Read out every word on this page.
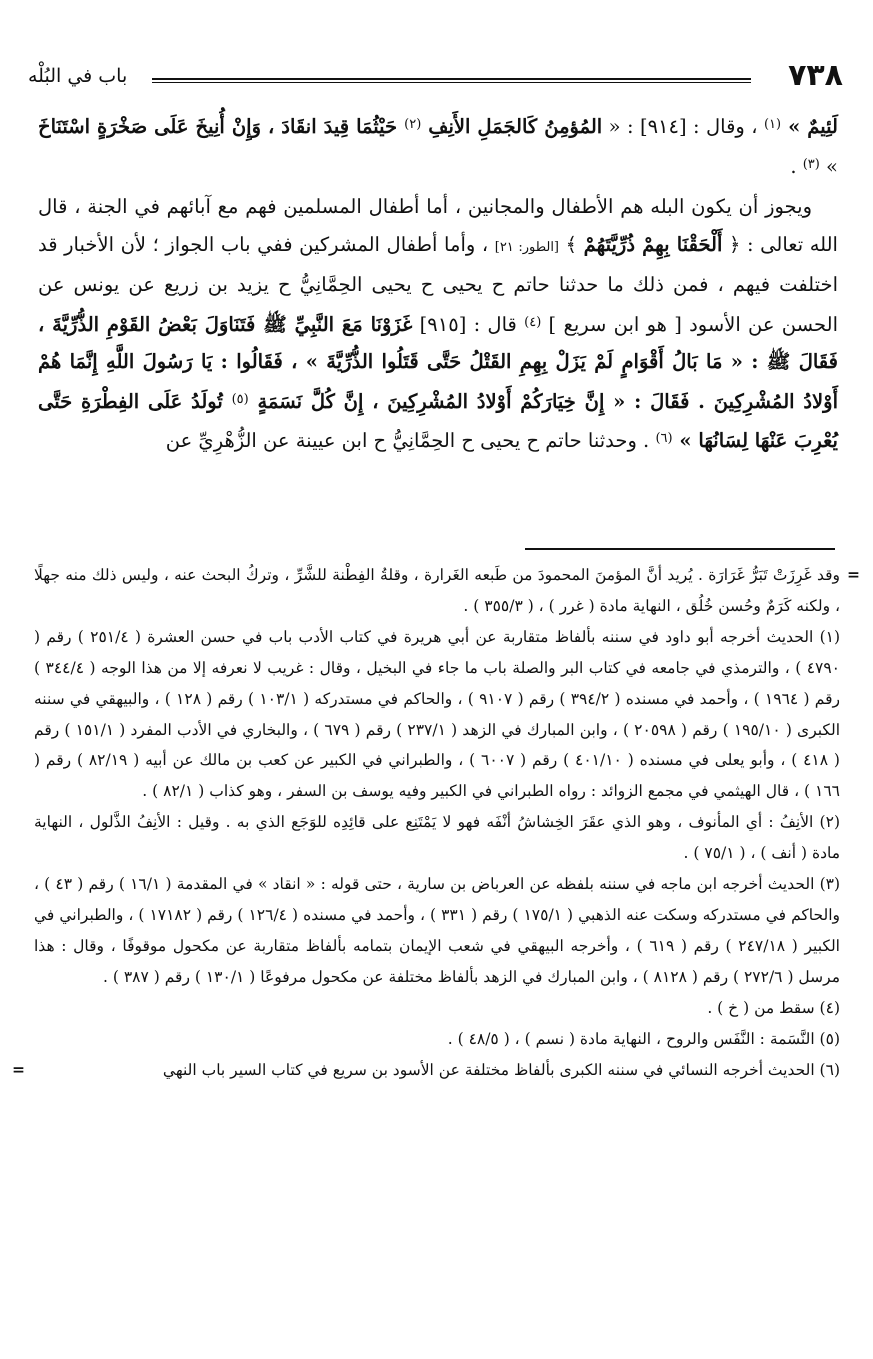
٧٣٨
باب في البُلْه

لَئِيمٌ » $^{(١)}$ ، وقال : [٩١٤] : « المُؤمِنُ كَالجَمَلِ الأَنِفِ $^{(٢)}$ حَيْثُمَا قِيدَ انقَادَ ، وَإِنْ أُنِيخَ عَلَى صَخْرَةٍ اسْتَنَاخَ » $^{(٣)}$ .

ويجوز أن يكون البله هم الأطفال والمجانين ، أما أطفال المسلمين فهم مع آبائهم في الجنة ، قال الله تعالى : ﴿ أَلْحَقْنَا بِهِمْ ذُرِّيَّتَهُمْ ﴾ [الطور: ٢١] ، وأما أطفال المشركين ففي باب الجواز ؛ لأن الأخبار قد اختلفت فيهم ، فمن ذلك ما حدثنا حاتم ح يحيى ح يحيى الحِمَّانِيُّ ح يزيد بن زريع عن يونس عن الحسن عن الأسود [ هو ابن سريع ] $^{(٤)}$ قال : [٩١٥] غَزَوْنَا مَعَ النَّبِيِّ ﷺ فَتَنَاوَلَ بَعْضُ القَوْمِ الذُّرِّيَّةَ ، فَقَالَ ﷺ : « مَا بَالُ أَقْوَامٍ لَمْ يَزَلْ بِهِمِ القَتْلُ حَتَّى قَتَلُوا الذُّرِّيَّةَ » ، فَقَالُوا : يَا رَسُولَ اللَّهِ إِنَّمَا هُمْ أَوْلادُ المُشْرِكِينَ . فَقَالَ : « إِنَّ خِيَارَكُمْ أَوْلادُ المُشْرِكِينَ ، إِنَّ كُلَّ نَسَمَةٍ $^{(٥)}$ تُولَدُ عَلَى الفِطْرَةِ حَتَّى يُعْرِبَ عَنْهَا لِسَانُهَا » $^{(٦)}$ . وحدثنا حاتم ح يحيى ح الحِمَّانِيُّ ح ابن عيينة عن الزُّهْرِيِّ عن

= وقد غَرِزَتْ تَبَرُّ غَرَارَة . يُريد أنَّ المؤمنَ المحمودَ من طَبعه الغَرارة ، وقلةُ الفِطْنة للشَّرِّ ، وتركُ البحث عنه ، وليس ذلك منه جهلًا ، ولكنه كَرَمٌ وحُسن خُلُق ، النهاية مادة ( غرر ) ، ( ٣٥٥/٣ ) .

(١) الحديث أخرجه أبو داود في سننه بألفاظ متقاربة عن أبي هريرة في كتاب الأدب باب في حسن العشرة ( ٢٥١/٤ ) رقم ( ٤٧٩٠ ) ، والترمذي في جامعه في كتاب البر والصلة باب ما جاء في البخيل ، وقال : غريب لا نعرفه إلا من هذا الوجه ( ٣٤٤/٤ ) رقم ( ١٩٦٤ ) ، وأحمد في مسنده ( ٣٩٤/٢ ) رقم ( ٩١٠٧ ) ، والحاكم في مستدركه ( ١٠٣/١ ) رقم ( ١٢٨ ) ، والبيهقي في سننه الكبرى ( ١٩٥/١٠ ) رقم ( ٢٠٥٩٨ ) ، وابن المبارك في الزهد ( ٢٣٧/١ ) رقم ( ٦٧٩ ) ، والبخاري في الأدب المفرد ( ١٥١/١ ) رقم ( ٤١٨ ) ، وأبو يعلى في مسنده ( ٤٠١/١٠ ) رقم ( ٦٠٠٧ ) ، والطبراني في الكبير عن كعب بن مالك عن أبيه ( ٨٢/١٩ ) رقم ( ١٦٦ ) ، قال الهيثمي في مجمع الزوائد : رواه الطبراني في الكبير وفيه يوسف بن السفر ، وهو كذاب ( ٨٢/١ ) .

(٢) الأنِفُ : أي المأنوف ، وهو الذي عقَرَ الخِشاشُ أنْفَه فهو لا يَمْتَنِع على قائِدِه للوَجَع الذي به . وقيل : الأنِفُ الذَّلول ، النهاية مادة ( أنف ) ، ( ٧٥/١ ) .

(٣) الحديث أخرجه ابن ماجه في سننه بلفظه عن العرباض بن سارية ، حتى قوله : « انقاد » في المقدمة ( ١٦/١ ) رقم ( ٤٣ ) ، والحاكم في مستدركه وسكت عنه الذهبي ( ١٧٥/١ ) رقم ( ٣٣١ ) ، وأحمد في مسنده ( ١٢٦/٤ ) رقم ( ١٧١٨٢ ) ، والطبراني في الكبير ( ٢٤٧/١٨ ) رقم ( ٦١٩ ) ، وأخرجه البيهقي في شعب الإيمان بتمامه بألفاظ متقاربة عن مكحول موقوفًا ، وقال : هذا مرسل ( ٢٧٢/٦ ) رقم ( ٨١٢٨ ) ، وابن المبارك في الزهد بألفاظ مختلفة عن مكحول مرفوعًا ( ١٣٠/١ ) رقم ( ٣٨٧ ) .

(٤) سقط من ( خ ) .

(٥) النَّسَمة : النَّفَس والروح ، النهاية مادة ( نسم ) ، ( ٤٨/٥ ) .

(٦) الحديث أخرجه النسائي في سننه الكبرى بألفاظ مختلفة عن الأسود بن سريع في كتاب السير باب النهي =
